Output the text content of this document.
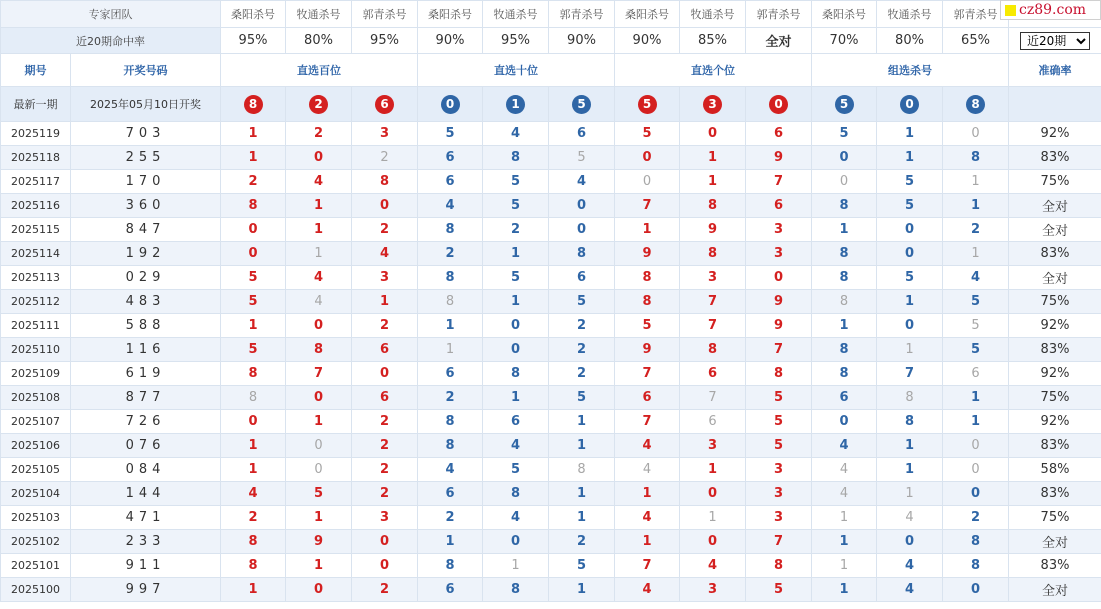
专家团队		桑阳杀号	牧通杀号	郭青杀号	桑阳杀号	牧通杀号	郭青杀号	桑阳杀号	牧通杀号	郭青杀号	桑阳杀号	牧通杀号	郭青杀号	
近20期命中率		95%	80%	95%	90%	95%	90%	90%	85%	全对	70%	80%	65%	
近20期
期号	开奖号码	直选百位			直选十位			直选个位			组选杀号			准确率
最新一期	2025年05月10日开奖	8	2	6	0	1	5	5	3	0	5	0	8	
2025119	703	1	2	3	5	4	6	5	0	6	5	1	0	92%
2025118	255	1	0	2	6	8	5	0	1	9	0	1	8	83%
2025117	170	2	4	8	6	5	4	0	1	7	0	5	1	75%
2025116	360	8	1	0	4	5	0	7	8	6	8	5	1	全对
2025115	847	0	1	2	8	2	0	1	9	3	1	0	2	全对
2025114	192	0	1	4	2	1	8	9	8	3	8	0	1	83%
2025113	029	5	4	3	8	5	6	8	3	0	8	5	4	全对
2025112	483	5	4	1	8	1	5	8	7	9	8	1	5	75%
2025111	588	1	0	2	1	0	2	5	7	9	1	0	5	92%
2025110	116	5	8	6	1	0	2	9	8	7	8	1	5	83%
2025109	619	8	7	0	6	8	2	7	6	8	8	7	6	92%
2025108	877	8	0	6	2	1	5	6	7	5	6	8	1	75%
2025107	726	0	1	2	8	6	1	7	6	5	0	8	1	92%
2025106	076	1	0	2	8	4	1	4	3	5	4	1	0	83%
2025105	084	1	0	2	4	5	8	4	1	3	4	1	0	58%
2025104	144	4	5	2	6	8	1	1	0	3	4	1	0	83%
2025103	471	2	1	3	2	4	1	4	1	3	1	4	2	75%
2025102	233	8	9	0	1	0	2	1	0	7	1	0	8	全对
2025101	911	8	1	0	8	1	5	7	4	8	1	4	8	83%
2025100	997	1	0	2	6	8	1	4	3	5	1	4	0	全对
cz89.com
